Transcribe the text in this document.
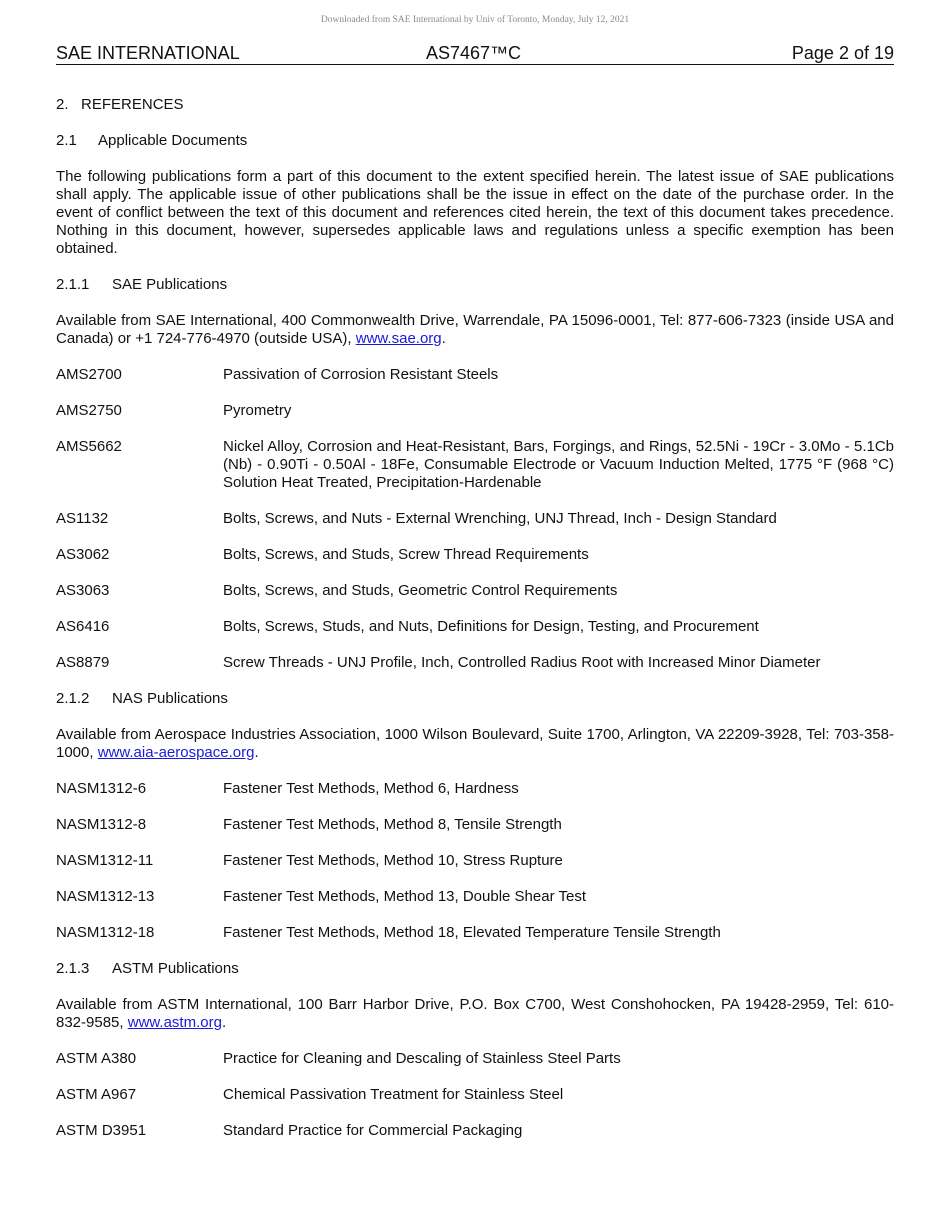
Downloaded from SAE International by Univ of Toronto, Monday, July 12, 2021
SAE INTERNATIONAL	AS7467™C	Page 2 of 19
2.
REFERENCES
2.1	Applicable Documents

The following publications form a part of this document to the extent specified herein. The latest issue of SAE publications shall apply. The applicable issue of other publications shall be the issue in effect on the date of the purchase order. In the event of conflict between the text of this document and references cited herein, the text of this document takes precedence. Nothing in this document, however, supersedes applicable laws and regulations unless a specific exemption has been obtained.

2.1.1	SAE Publications

Available from SAE International, 400 Commonwealth Drive, Warrendale, PA 15096-0001, Tel: 877-606-7323 (inside USA and Canada) or +1 724-776-4970 (outside USA), www.sae.org.

AMS2700	Passivation of Corrosion Resistant Steels
AMS2750	Pyrometry
AMS5662	Nickel Alloy, Corrosion and Heat-Resistant, Bars, Forgings, and Rings, 52.5Ni - 19Cr - 3.0Mo - 5.1Cb (Nb) - 0.90Ti - 0.50Al - 18Fe, Consumable Electrode or Vacuum Induction Melted, 1775 °F (968 °C) Solution Heat Treated, Precipitation-Hardenable
AS1132	Bolts, Screws, and Nuts - External Wrenching, UNJ Thread, Inch - Design Standard
AS3062	Bolts, Screws, and Studs, Screw Thread Requirements
AS3063	Bolts, Screws, and Studs, Geometric Control Requirements
AS6416	Bolts, Screws, Studs, and Nuts, Definitions for Design, Testing, and Procurement
AS8879	Screw Threads - UNJ Profile, Inch, Controlled Radius Root with Increased Minor Diameter
2.1.2	NAS Publications

Available from Aerospace Industries Association, 1000 Wilson Boulevard, Suite 1700, Arlington, VA 22209-3928, Tel: 703-358-1000, www.aia-aerospace.org.

NASM1312-6	Fastener Test Methods, Method 6, Hardness
NASM1312-8	Fastener Test Methods, Method 8, Tensile Strength
NASM1312-11	Fastener Test Methods, Method 10, Stress Rupture
NASM1312-13	Fastener Test Methods, Method 13, Double Shear Test
NASM1312-18	Fastener Test Methods, Method 18, Elevated Temperature Tensile Strength
2.1.3	ASTM Publications

Available from ASTM International, 100 Barr Harbor Drive, P.O. Box C700, West Conshohocken, PA 19428-2959, Tel: 610-832-9585, www.astm.org.

ASTM A380	Practice for Cleaning and Descaling of Stainless Steel Parts
ASTM A967	Chemical Passivation Treatment for Stainless Steel
ASTM D3951	Standard Practice for Commercial Packaging
